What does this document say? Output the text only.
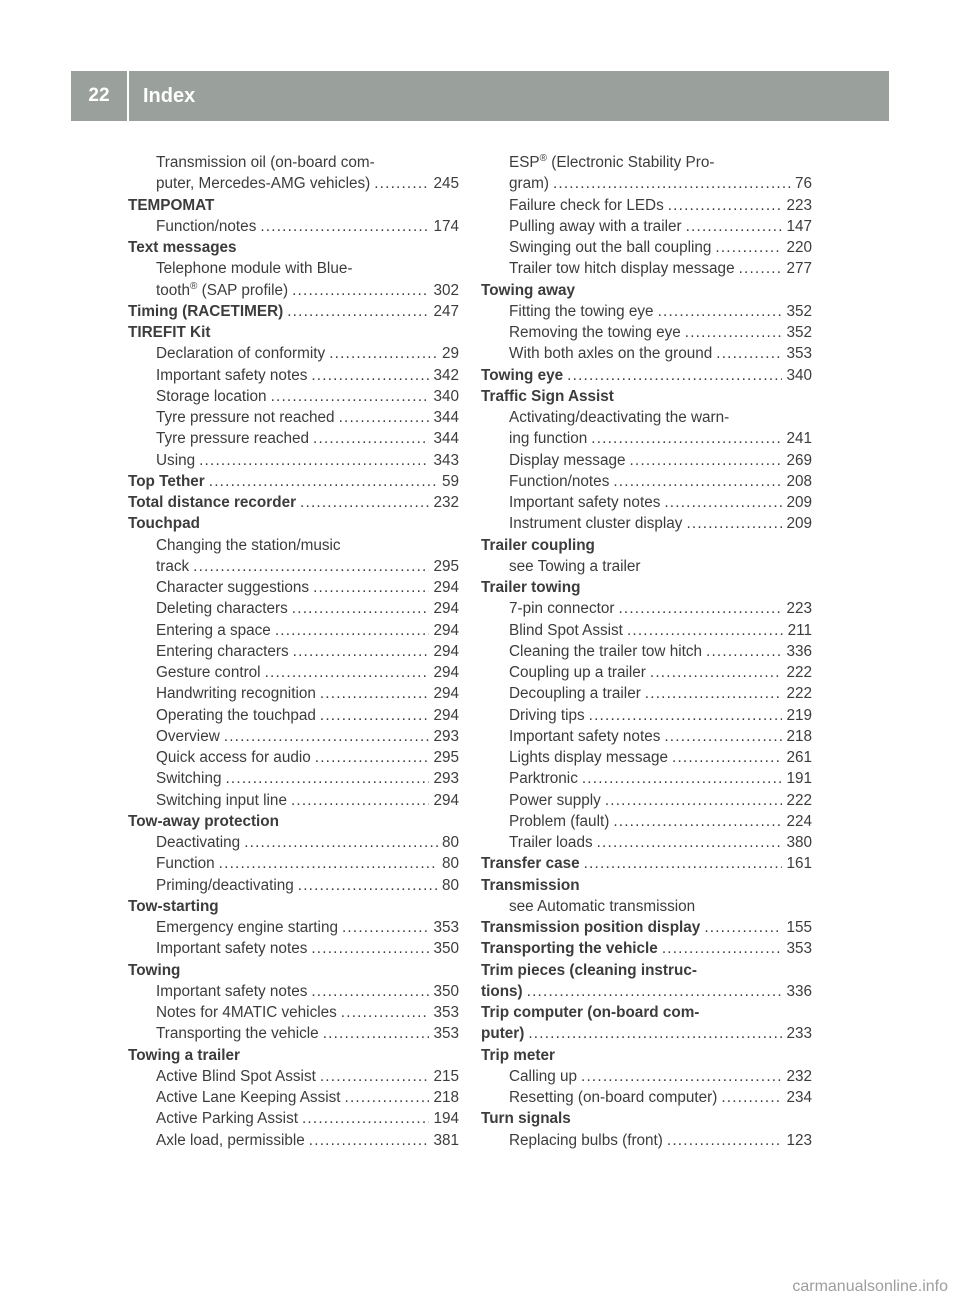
22	Index
Transmission oil (on-board com-
puter, Mercedes-AMG vehicles) .....	245
TEMPOMAT
Function/notes .....	174
Text messages
Telephone module with Blue-
tooth® (SAP profile) .....	302
Timing (RACETIMER) .....	247
TIREFIT Kit
Declaration of conformity .....	29
Important safety notes .....	342
Storage location .....	340
Tyre pressure not reached .....	344
Tyre pressure reached .....	344
Using .....	343
Top Tether .....	59
Total distance recorder .....	232
Touchpad
Changing the station/music
track .....	295
Character suggestions .....	294
Deleting characters .....	294
Entering a space .....	294
Entering characters .....	294
Gesture control .....	294
Handwriting recognition .....	294
Operating the touchpad .....	294
Overview .....	293
Quick access for audio .....	295
Switching .....	293
Switching input line .....	294
Tow-away protection
Deactivating .....	80
Function .....	80
Priming/deactivating .....	80
Tow-starting
Emergency engine starting .....	353
Important safety notes .....	350
Towing
Important safety notes .....	350
Notes for 4MATIC vehicles .....	353
Transporting the vehicle .....	353
Towing a trailer
Active Blind Spot Assist .....	215
Active Lane Keeping Assist .....	218
Active Parking Assist .....	194
Axle load, permissible .....	381
ESP® (Electronic Stability Pro-
gram) .....	76
Failure check for LEDs .....	223
Pulling away with a trailer .....	147
Swinging out the ball coupling .....	220
Trailer tow hitch display message .....	277
Towing away
Fitting the towing eye .....	352
Removing the towing eye .....	352
With both axles on the ground .....	353
Towing eye .....	340
Traffic Sign Assist
Activating/deactivating the warn-
ing function .....	241
Display message .....	269
Function/notes .....	208
Important safety notes .....	209
Instrument cluster display .....	209
Trailer coupling
see Towing a trailer
Trailer towing
7-pin connector .....	223
Blind Spot Assist .....	211
Cleaning the trailer tow hitch .....	336
Coupling up a trailer .....	222
Decoupling a trailer .....	222
Driving tips .....	219
Important safety notes .....	218
Lights display message .....	261
Parktronic .....	191
Power supply .....	222
Problem (fault) .....	224
Trailer loads .....	380
Transfer case .....	161
Transmission
see Automatic transmission
Transmission position display .....	155
Transporting the vehicle .....	353
Trim pieces (cleaning instruc-
tions) .....	336
Trip computer (on-board com-
puter) .....	233
Trip meter
Calling up .....	232
Resetting (on-board computer) .....	234
Turn signals
Replacing bulbs (front) .....	123
carmanualsonline.info
